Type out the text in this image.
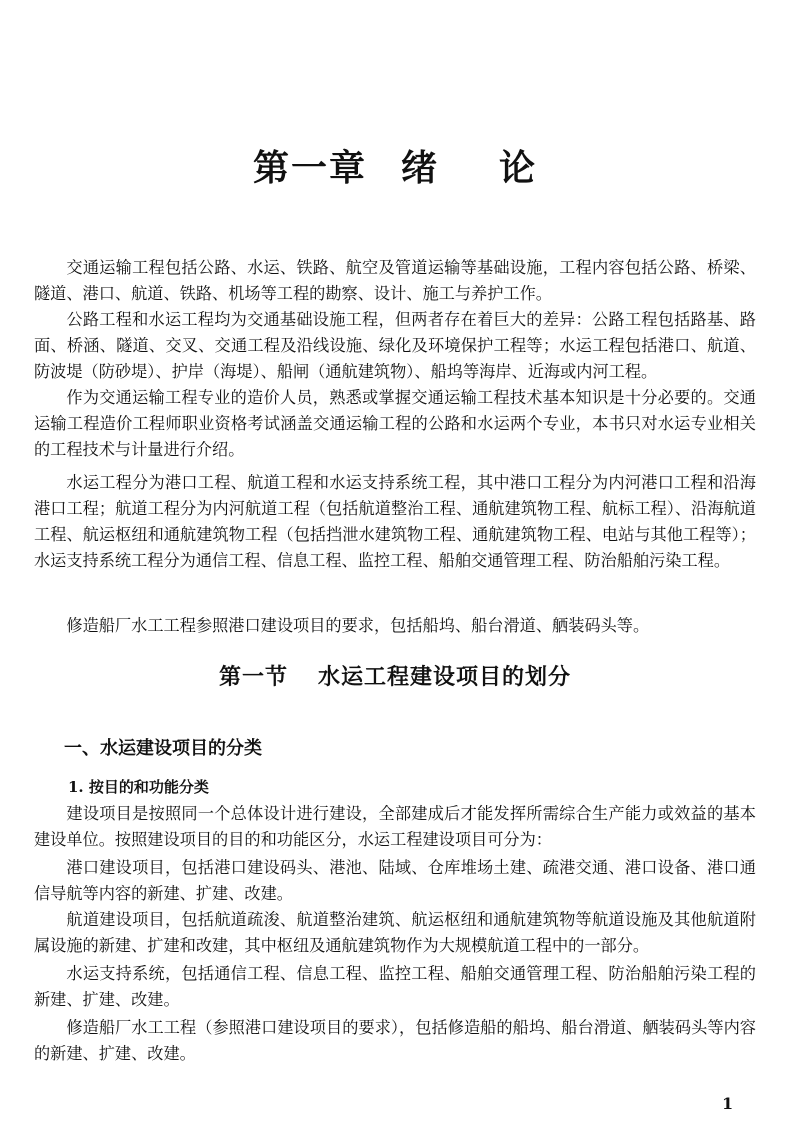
第一章 绪 论

交通运输工程包括公路、水运、铁路、航空及管道运输等基础设施，工程内容包括公路、桥梁、隧道、港口、航道、铁路、机场等工程的勘察、设计、施工与养护工作。

公路工程和水运工程均为交通基础设施工程，但两者存在着巨大的差异：公路工程包括路基、路面、桥涵、隧道、交叉、交通工程及沿线设施、绿化及环境保护工程等；水运工程包括港口、航道、防波堤（防砂堤）、护岸（海堤）、船闸（通航建筑物）、船坞等海岸、近海或内河工程。

作为交通运输工程专业的造价人员，熟悉或掌握交通运输工程技术基本知识是十分必要的。交通运输工程造价工程师职业资格考试涵盖交通运输工程的公路和水运两个专业，本书只对水运专业相关的工程技术与计量进行介绍。

水运工程分为港口工程、航道工程和水运支持系统工程，其中港口工程分为内河港口工程和沿海港口工程；航道工程分为内河航道工程（包括航道整治工程、通航建筑物工程、航标工程）、沿海航道工程、航运枢纽和通航建筑物工程（包括挡泄水建筑物工程、通航建筑物工程、电站与其他工程等）；水运支持系统工程分为通信工程、信息工程、监控工程、船舶交通管理工程、防治船舶污染工程。

修造船厂水工工程参照港口建设项目的要求，包括船坞、船台滑道、舾装码头等。

第一节 水运工程建设项目的划分
一、水运建设项目的分类
1. 按目的和功能分类

建设项目是按照同一个总体设计进行建设，全部建成后才能发挥所需综合生产能力或效益的基本建设单位。按照建设项目的目的和功能区分，水运工程建设项目可分为：

港口建设项目，包括港口建设码头、港池、陆域、仓库堆场土建、疏港交通、港口设备、港口通信导航等内容的新建、扩建、改建。

航道建设项目，包括航道疏浚、航道整治建筑、航运枢纽和通航建筑物等航道设施及其他航道附属设施的新建、扩建和改建，其中枢纽及通航建筑物作为大规模航道工程中的一部分。

水运支持系统，包括通信工程、信息工程、监控工程、船舶交通管理工程、防治船舶污染工程的新建、扩建、改建。

修造船厂水工工程（参照港口建设项目的要求），包括修造船的船坞、船台滑道、舾装码头等内容的新建、扩建、改建。

1
